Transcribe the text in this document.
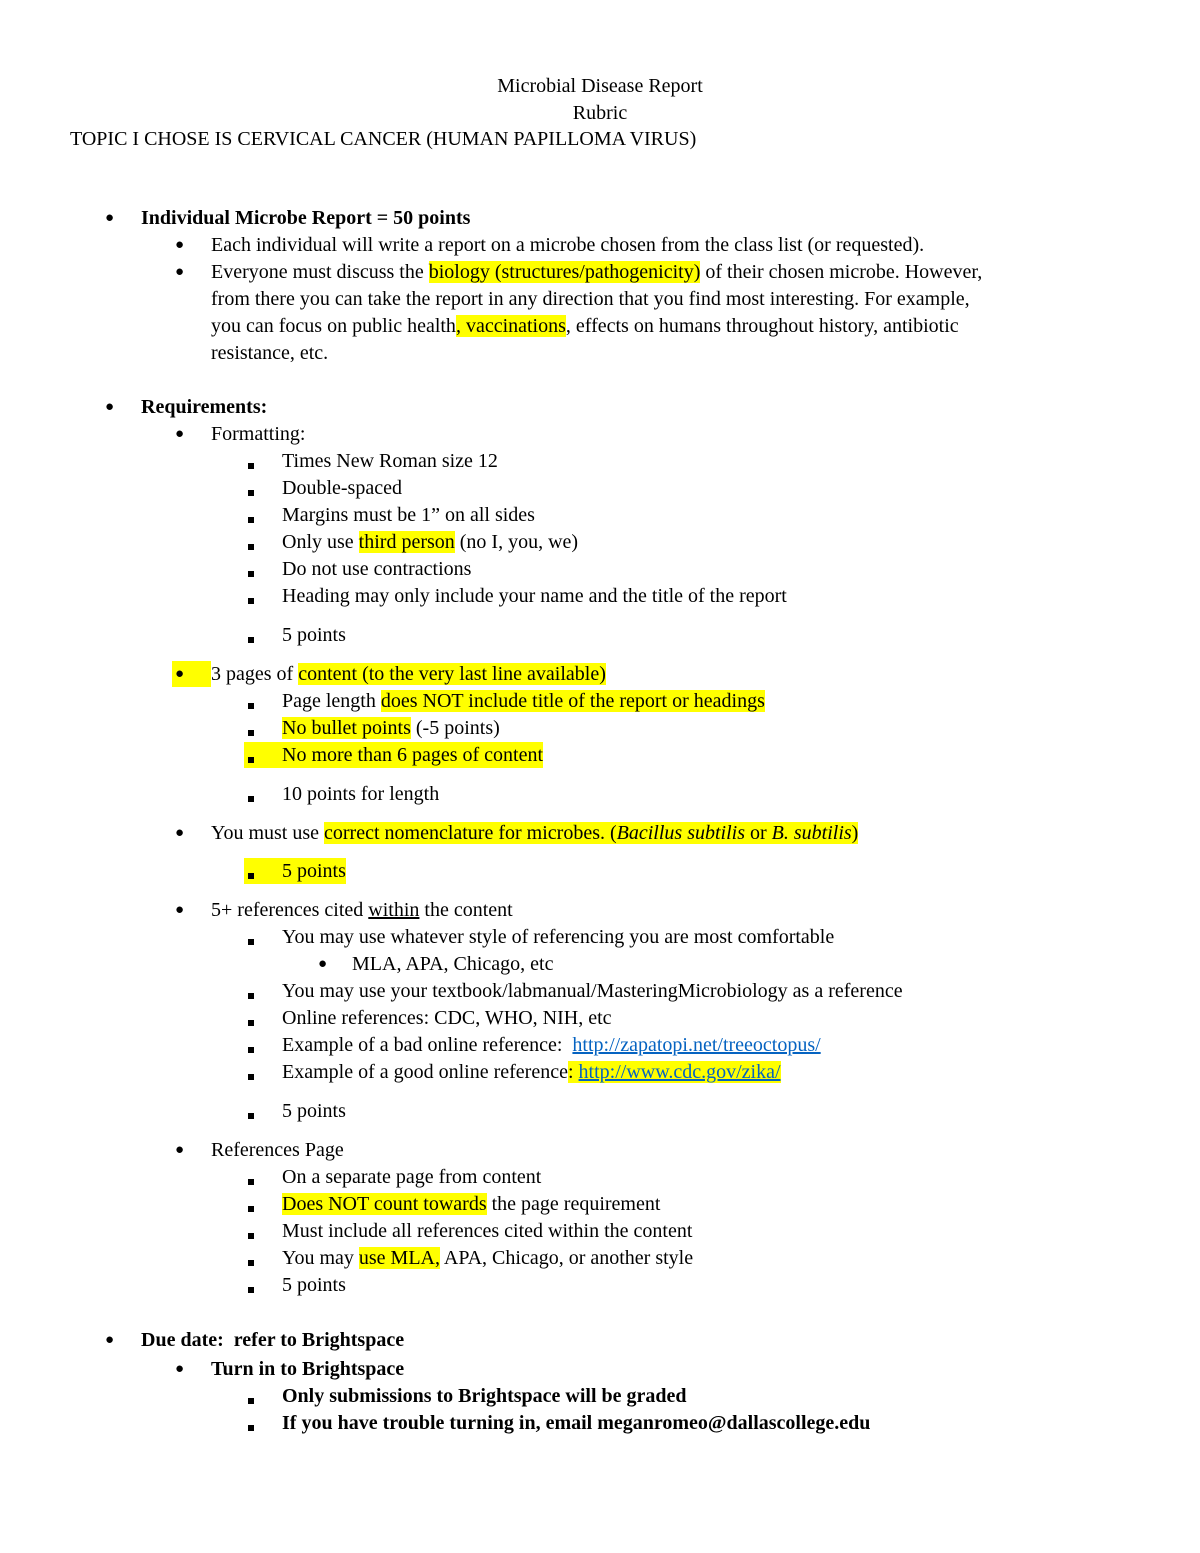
Microbial Disease Report
Rubric
TOPIC I CHOSE IS CERVICAL CANCER (HUMAN PAPILLOMA VIRUS)
● Individual Microbe Report = 50 points
● Each individual will write a report on a microbe chosen from the class list (or requested).
● Everyone must discuss the biology (structures/pathogenicity) of their chosen microbe. However,
from there you can take the report in any direction that you find most interesting. For example,
you can focus on public health, vaccinations, effects on humans throughout history, antibiotic
resistance, etc.
● Requirements:
● Formatting:
Times New Roman size 12
Double-spaced
Margins must be 1” on all sides
Only use third person (no I, you, we)
Do not use contractions
Heading may only include your name and the title of the report
5 points
● 3 pages of content (to the very last line available)
Page length does NOT include title of the report or headings
No bullet points (-5 points)
No more than 6 pages of content
10 points for length
● You must use correct nomenclature for microbes. (Bacillus subtilis or B. subtilis)
5 points
● 5+ references cited within the content
You may use whatever style of referencing you are most comfortable
● MLA, APA, Chicago, etc
You may use your textbook/labmanual/MasteringMicrobiology as a reference
Online references: CDC, WHO, NIH, etc
Example of a bad online reference:  http://zapatopi.net/treeoctopus/
Example of a good online reference: http://www.cdc.gov/zika/
5 points
● References Page
On a separate page from content
Does NOT count towards the page requirement
Must include all references cited within the content
You may use MLA, APA, Chicago, or another style
5 points
● Due date:  refer to Brightspace
● Turn in to Brightspace
Only submissions to Brightspace will be graded
If you have trouble turning in, email meganromeo@dallascollege.edu
